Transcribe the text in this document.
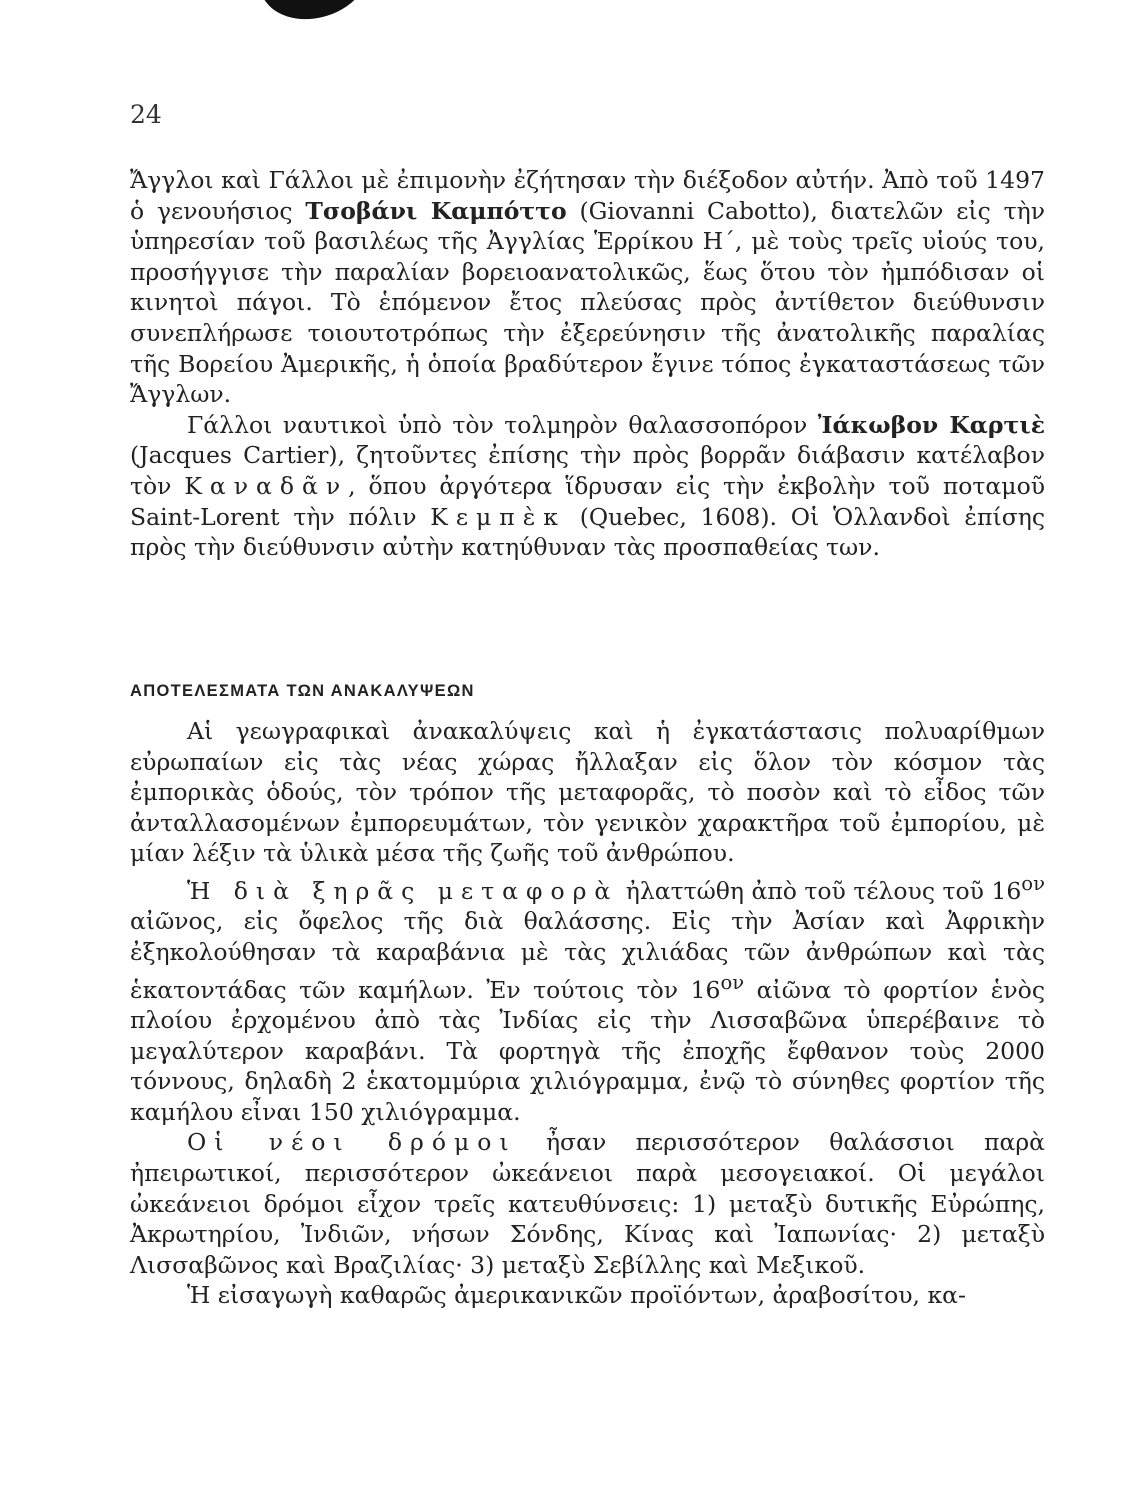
24

Ἄγγλοι καὶ Γάλλοι μὲ ἐπιμονὴν ἐζήτησαν τὴν διέξοδον αὐτήν. Ἀπὸ τοῦ 1497 ὁ γενουήσιος Τσοβάνι Καμπόττο (Giovanni Cabotto), διατελῶν εἰς τὴν ὑπηρεσίαν τοῦ βασιλέως τῆς Ἀγγλίας Ἑρρίκου Η΄, μὲ τοὺς τρεῖς υἱούς του, προσήγγισε τὴν παραλίαν βορειοανατολικῶς, ἕως ὅτου τὸν ἠμπόδισαν οἱ κινητοὶ πάγοι. Τὸ ἑπόμενον ἔτος πλεύσας πρὸς ἀντίθετον διεύθυνσιν συνεπλήρωσε τοιουτοτρόπως τὴν ἐξερεύνησιν τῆς ἀνατολικῆς παραλίας τῆς Βορείου Ἀμερικῆς, ἡ ὁποία βραδύτερον ἔγινε τόπος ἐγκαταστάσεως τῶν Ἄγγλων.

Γάλλοι ναυτικοὶ ὑπὸ τὸν τολμηρὸν θαλασσοπόρον Ἰάκωβον Καρτιὲ (Jacques Cartier), ζητοῦντες ἐπίσης τὴν πρὸς βορρᾶν διάβασιν κατέλαβον τὸν Καναδᾶν, ὅπου ἀργότερα ἵδρυσαν εἰς τὴν ἐκβολὴν τοῦ ποταμοῦ Saint-Lorent τὴν πόλιν Κεμπὲκ (Quebec, 1608). Οἱ Ὁλλανδοὶ ἐπίσης πρὸς τὴν διεύθυνσιν αὐτὴν κατηύθυναν τὰς προσπαθείας των.

ΑΠΟΤΕΛΕΣΜΑΤΑ ΤΩΝ ΑΝΑΚΑΛΥΨΕΩΝ

Αἱ γεωγραφικαὶ ἀνακαλύψεις καὶ ἡ ἐγκατάστασις πολυαρίθμων εὐρωπαίων εἰς τὰς νέας χώρας ἤλλαξαν εἰς ὅλον τὸν κόσμον τὰς ἐμπορικὰς ὁδούς, τὸν τρόπον τῆς μεταφορᾶς, τὸ ποσὸν καὶ τὸ εἶδος τῶν ἀνταλλασομένων ἐμπορευμάτων, τὸν γενικὸν χαρακτῆρα τοῦ ἐμπορίου, μὲ μίαν λέξιν τὰ ὑλικὰ μέσα τῆς ζωῆς τοῦ ἀνθρώπου.

Ἡ διὰ ξηρᾶς μεταφορὰ ἠλαττώθη ἀπὸ τοῦ τέλους τοῦ $16^{o\nu}$ αἰῶνος, εἰς ὄφελος τῆς διὰ θαλάσσης. Εἰς τὴν Ἀσίαν καὶ Ἀφρικὴν ἐξηκολούθησαν τὰ καραβάνια μὲ τὰς χιλιάδας τῶν ἀνθρώπων καὶ τὰς ἑκατοντάδας τῶν καμήλων. Ἐν τούτοις τὸν $16^{o\nu}$ αἰῶνα τὸ φορτίον ἑνὸς πλοίου ἐρχομένου ἀπὸ τὰς Ἰνδίας εἰς τὴν Λισσαβῶνα ὑπερέβαινε τὸ μεγαλύτερον καραβάνι. Τὰ φορτηγὰ τῆς ἐποχῆς ἔφθανον τοὺς 2000 τόννους, δηλαδὴ 2 ἑκατομμύρια χιλιόγραμμα, ἐνῷ τὸ σύνηθες φορτίον τῆς καμήλου εἶναι 150 χιλιόγραμμα.

Οἱ νέοι δρόμοι ἦσαν περισσότερον θαλάσσιοι παρὰ ἠπειρωτικοί, περισσότερον ὠκεάνειοι παρὰ μεσογειακοί. Οἱ μεγάλοι ὠκεάνειοι δρόμοι εἶχον τρεῖς κατευθύνσεις: 1) μεταξὺ δυτικῆς Εὐρώπης, Ἀκρωτηρίου, Ἰνδιῶν, νήσων Σόνδης, Κίνας καὶ Ἰαπωνίας· 2) μεταξὺ Λισσαβῶνος καὶ Βραζιλίας· 3) μεταξὺ Σεβίλλης καὶ Μεξικοῦ.

Ἡ εἰσαγωγὴ καθαρῶς ἀμερικανικῶν προϊόντων, ἀραβοσίτου, κα-
